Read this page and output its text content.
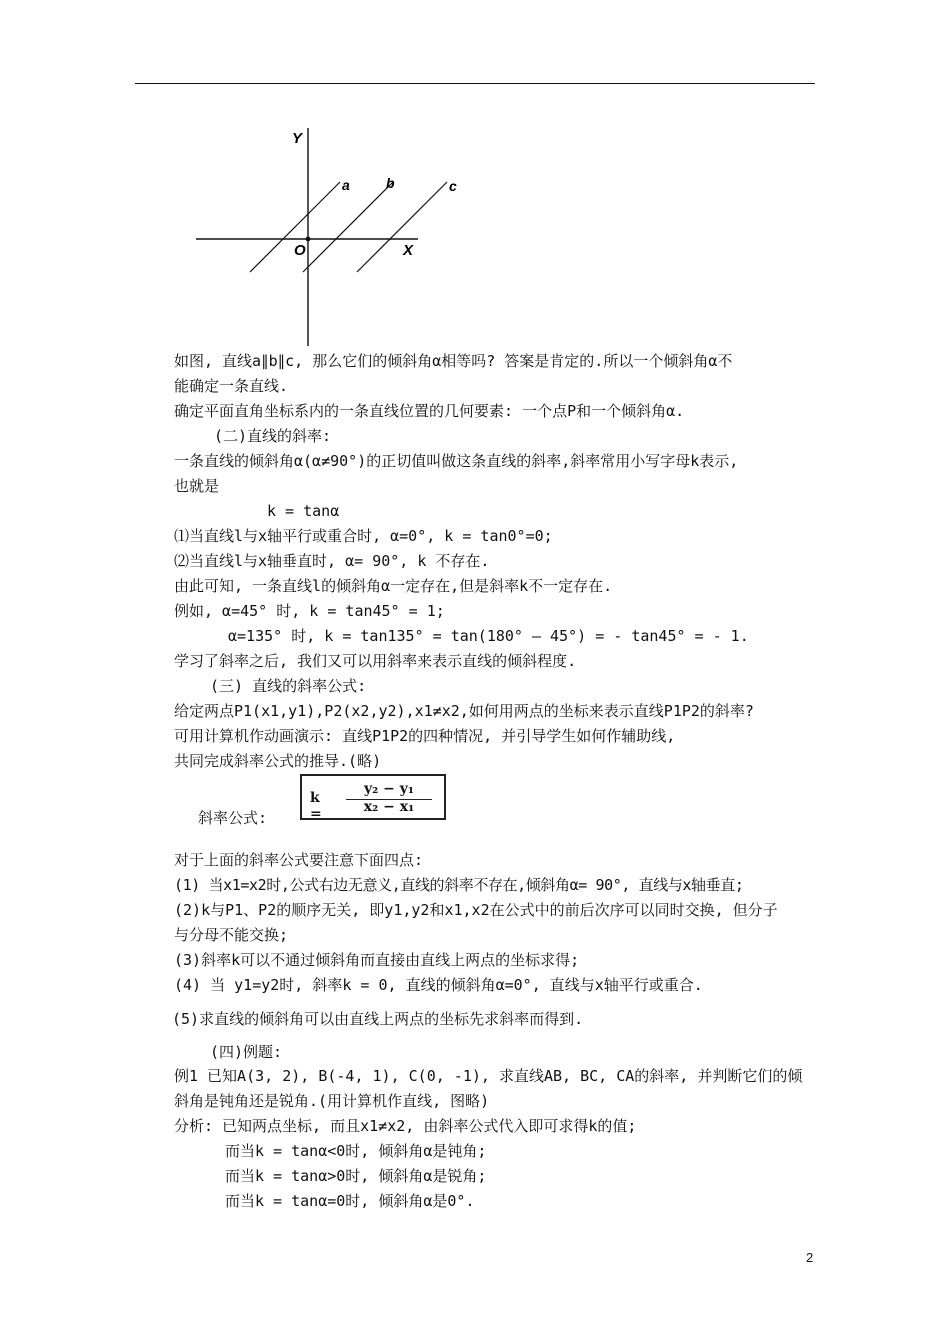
Y
X
O
a	b	c
如图, 直线a∥b∥c, 那么它们的倾斜角α相等吗? 答案是肯定的.所以一个倾斜角α不
能确定一条直线.
确定平面直角坐标系内的一条直线位置的几何要素: 一个点P和一个倾斜角α.
(二)直线的斜率:
一条直线的倾斜角α(α≠90°)的正切值叫做这条直线的斜率,斜率常用小写字母k表示,
也就是
k = tanα
⑴当直线l与x轴平行或重合时, α=0°, k = tan0°=0;
⑵当直线l与x轴垂直时, α= 90°, k 不存在.
由此可知, 一条直线l的倾斜角α一定存在,但是斜率k不一定存在.
例如, α=45° 时, k = tan45° = 1;
α=135° 时, k = tan135° = tan(180° — 45°) = - tan45° = - 1.
学习了斜率之后, 我们又可以用斜率来表示直线的倾斜程度.
(三) 直线的斜率公式:
给定两点P1(x1,y1),P2(x2,y2),x1≠x2,如何用两点的坐标来表示直线P1P2的斜率?
可用计算机作动画演示: 直线P1P2的四种情况, 并引导学生如何作辅助线,
共同完成斜率公式的推导.(略)
斜率公式:
k =
y₂ − y₁
x₂ − x₁
对于上面的斜率公式要注意下面四点:
(1) 当x1=x2时,公式右边无意义,直线的斜率不存在,倾斜角α= 90°, 直线与x轴垂直;
(2)k与P1、P2的顺序无关, 即y1,y2和x1,x2在公式中的前后次序可以同时交换, 但分子
与分母不能交换;
(3)斜率k可以不通过倾斜角而直接由直线上两点的坐标求得;
(4) 当 y1=y2时, 斜率k = 0, 直线的倾斜角α=0°, 直线与x轴平行或重合.
(5)求直线的倾斜角可以由直线上两点的坐标先求斜率而得到.
(四)例题:
例1 已知A(3, 2), B(-4, 1), C(0, -1), 求直线AB, BC, CA的斜率, 并判断它们的倾
斜角是钝角还是锐角.(用计算机作直线, 图略)
分析: 已知两点坐标, 而且x1≠x2, 由斜率公式代入即可求得k的值;
而当k = tanα<0时, 倾斜角α是钝角;
而当k = tanα>0时, 倾斜角α是锐角;
而当k = tanα=0时, 倾斜角α是0°.
2
